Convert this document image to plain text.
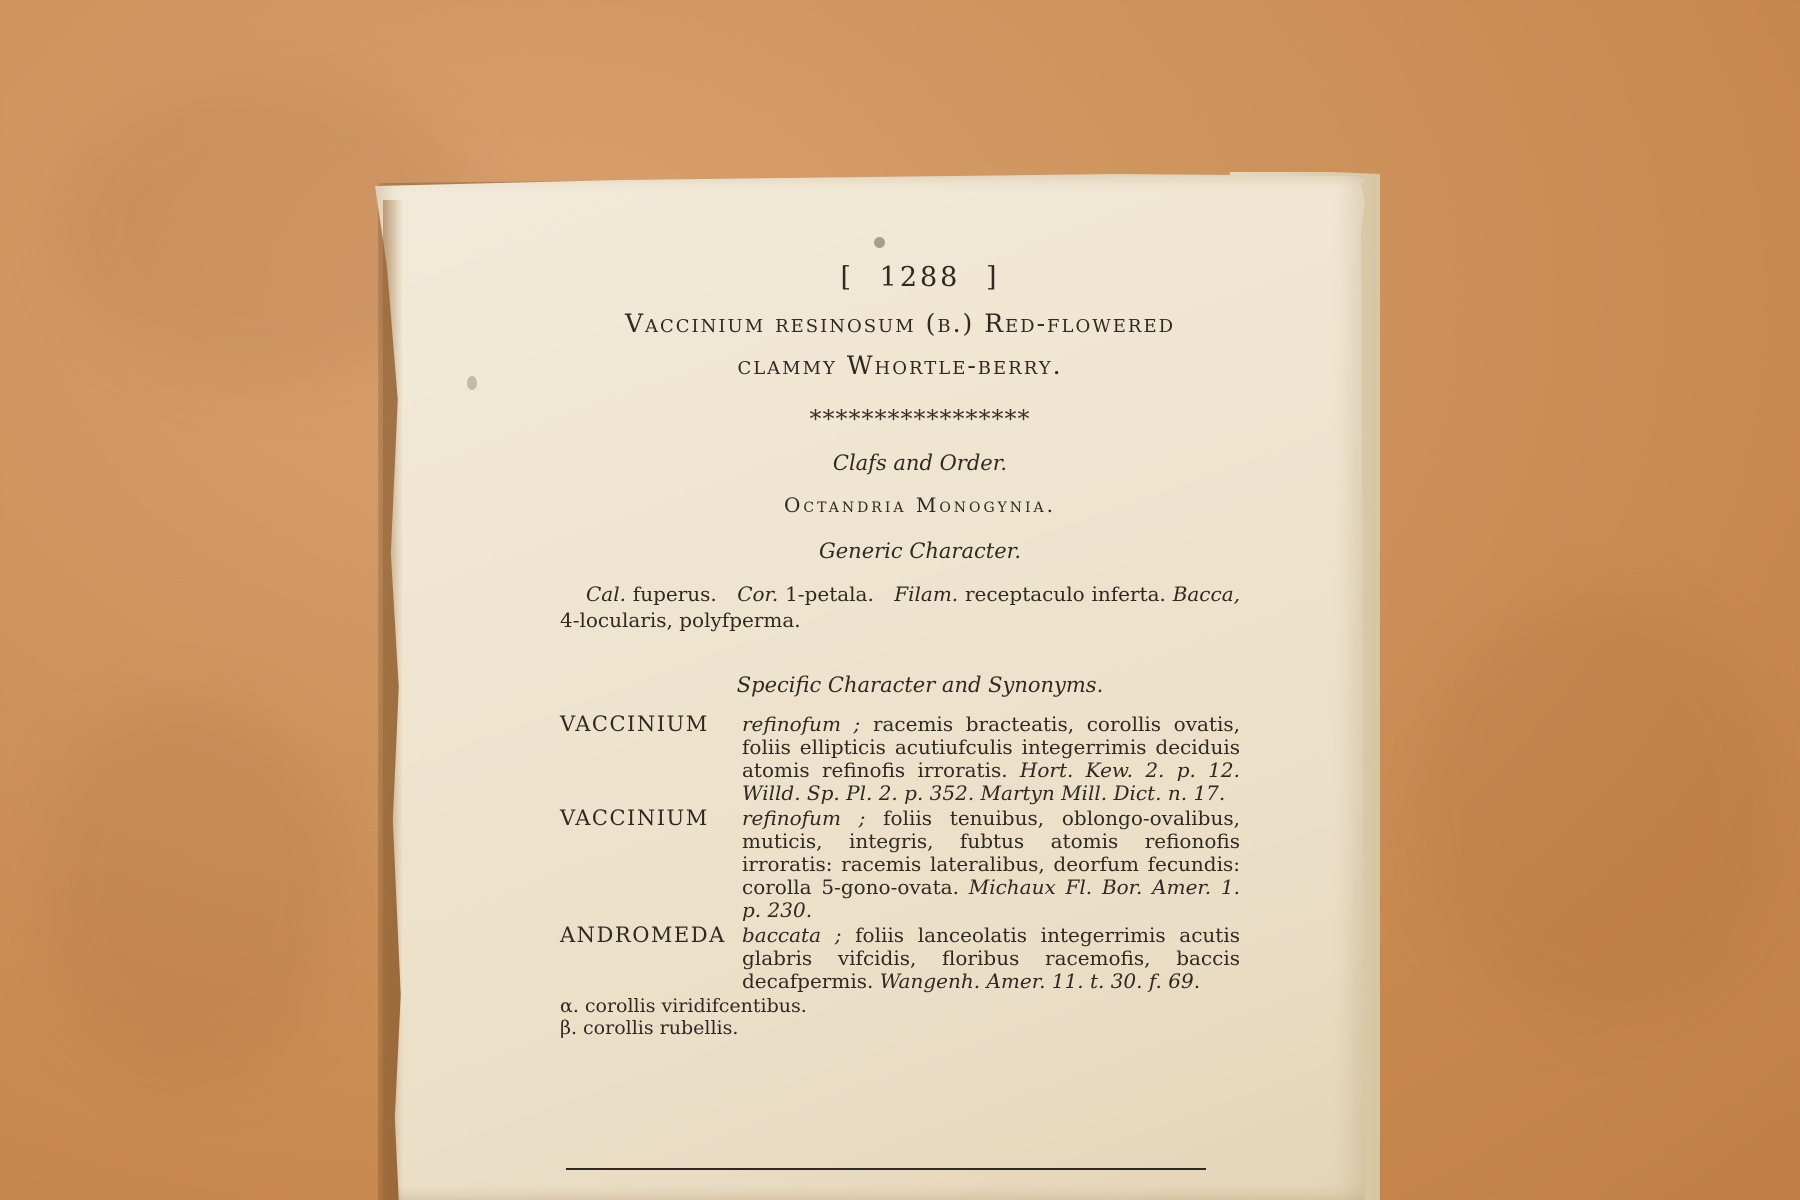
[ 1288 ]
Vaccinium resinosum (β.) Red-flowered
clammy Whortle-berry.
*****************
Clafs and Order.
Octandria Monogynia.
Generic Character.
Cal. fuperus. Cor. 1-petala. Filam. receptaculo inferta. Bacca, 4-locularis, polyfperma.
Specific Character and Synonyms.
VACCINIUM refinofum ; racemis bracteatis, corollis ovatis, foliis ellipticis acutiufculis integerrimis deciduis atomis refinofis irroratis. Hort. Kew. 2. p. 12. Willd. Sp. Pl. 2. p. 352. Martyn Mill. Dict. n. 17.
VACCINIUM refinofum ; foliis tenuibus, oblongo-ovalibus, muticis, integris, fubtus atomis refionofis irroratis: racemis lateralibus, deorfum fecundis: corolla 5-gono-ovata. Michaux Fl. Bor. Amer. 1. p. 230.
ANDROMEDA baccata ; foliis lanceolatis integerrimis acutis glabris vifcidis, floribus racemofis, baccis decafpermis. Wangenh. Amer. 11. t. 30. f. 69.
α. corollis viridifcentibus.
β. corollis rubellis.
